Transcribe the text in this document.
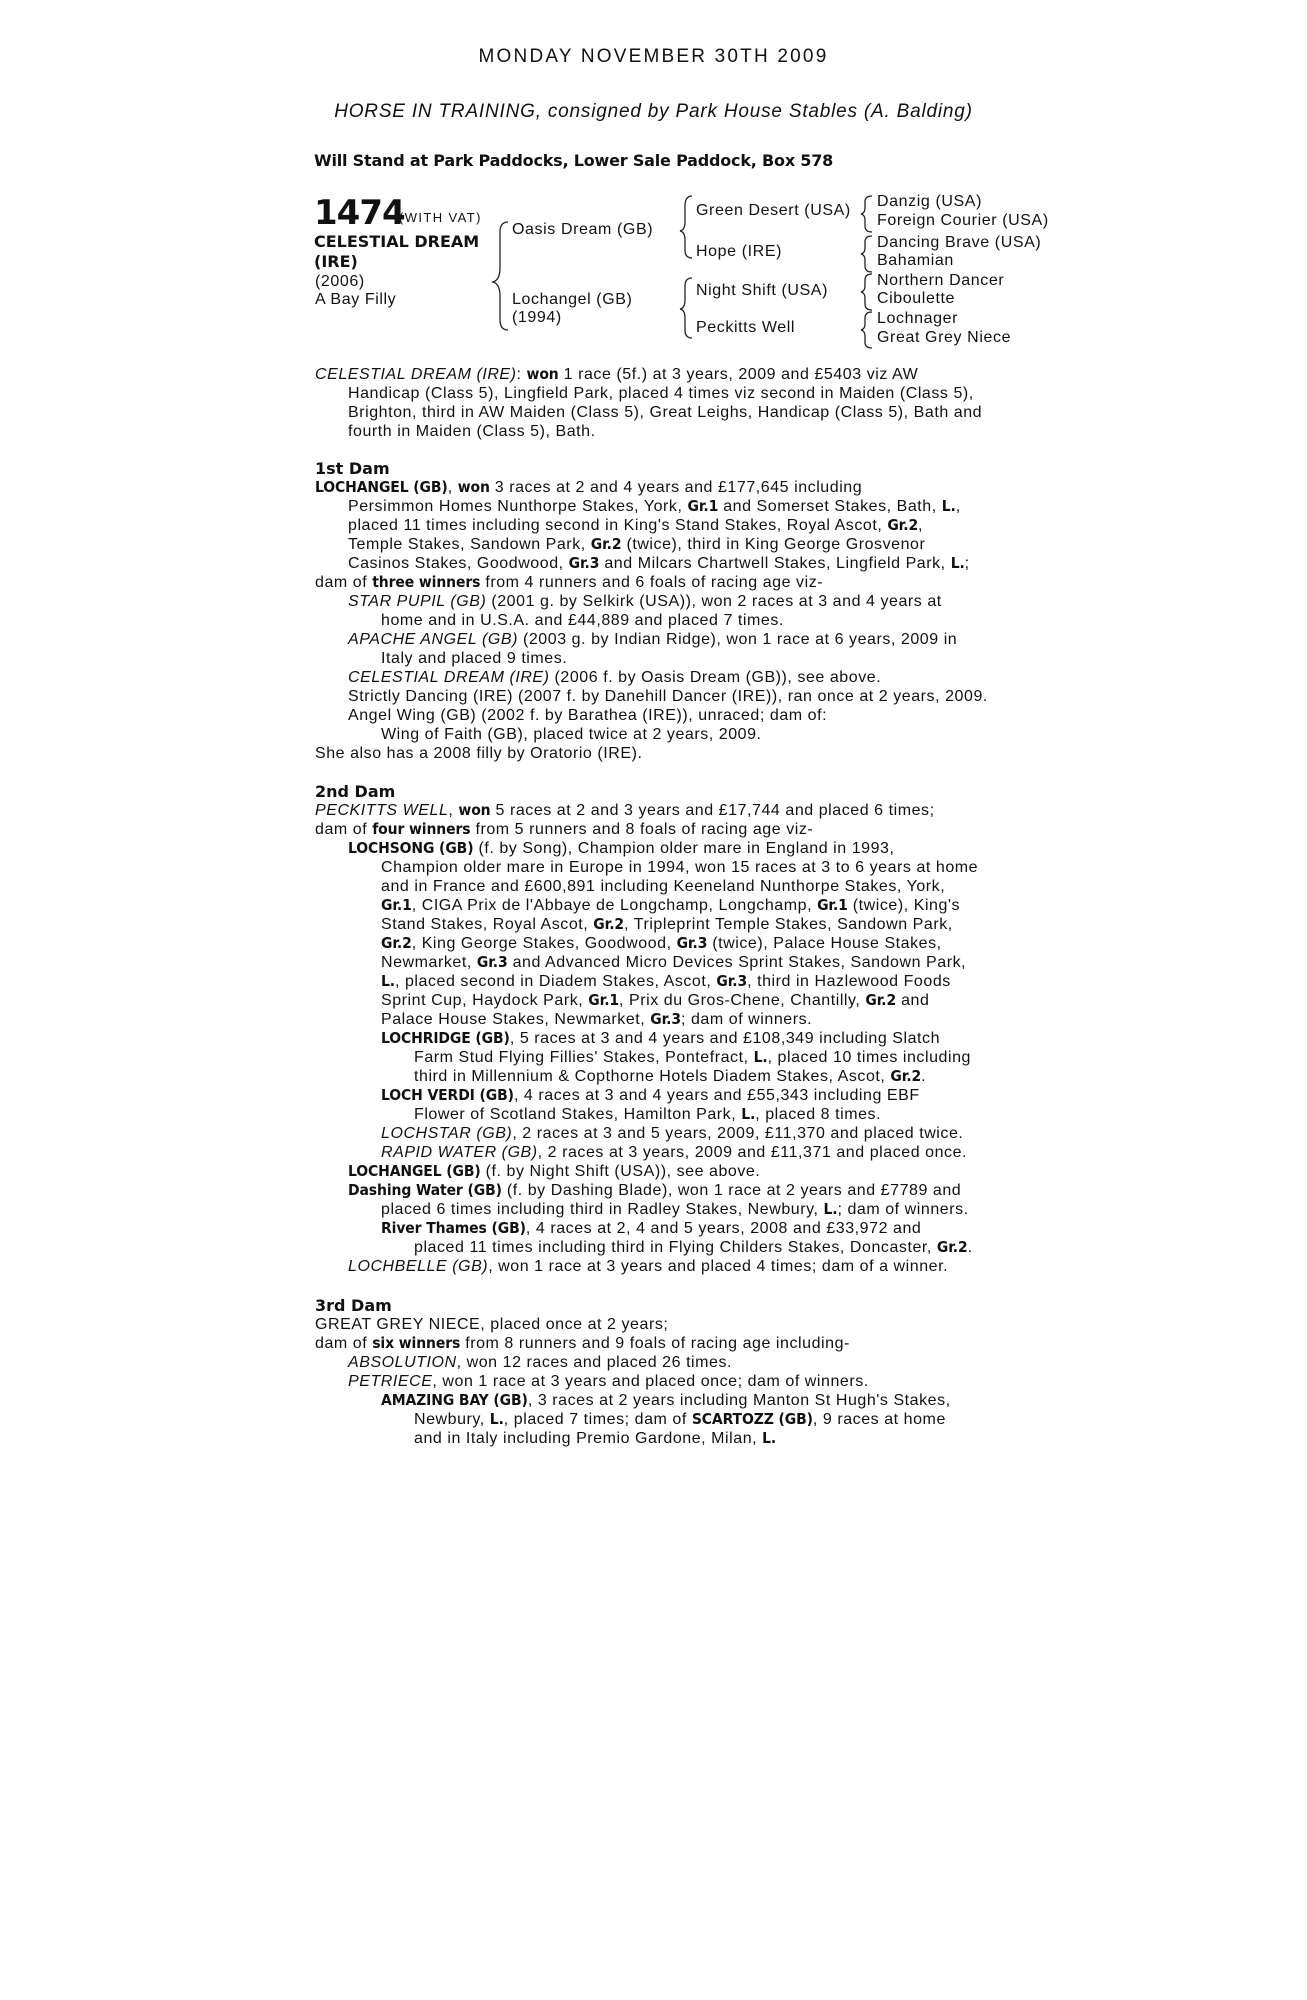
MONDAY NOVEMBER 30TH 2009
HORSE IN TRAINING, consigned by Park House Stables (A. Balding)
Will Stand at Park Paddocks, Lower Sale Paddock, Box 578
1474
(WITH VAT)
CELESTIAL DREAM
(IRE)
(2006)
A Bay Filly
Oasis Dream (GB)
Lochangel (GB)
(1994)
Green Desert (USA)
Hope (IRE)
Night Shift (USA)
Peckitts Well
Danzig (USA)
Foreign Courier (USA)
Dancing Brave (USA)
Bahamian
Northern Dancer
Ciboulette
Lochnager
Great Grey Niece
CELESTIAL DREAM (IRE): won 1 race (5f.) at 3 years, 2009 and £5403 viz AW
Handicap (Class 5), Lingfield Park, placed 4 times viz second in Maiden (Class 5),
Brighton, third in AW Maiden (Class 5), Great Leighs, Handicap (Class 5), Bath and
fourth in Maiden (Class 5), Bath.
1st Dam
LOCHANGEL (GB), won 3 races at 2 and 4 years and £177,645 including
Persimmon Homes Nunthorpe Stakes, York, Gr.1 and Somerset Stakes, Bath, L.,
placed 11 times including second in King's Stand Stakes, Royal Ascot, Gr.2,
Temple Stakes, Sandown Park, Gr.2 (twice), third in King George Grosvenor
Casinos Stakes, Goodwood, Gr.3 and Milcars Chartwell Stakes, Lingfield Park, L.;
dam of three winners from 4 runners and 6 foals of racing age viz-
STAR PUPIL (GB) (2001 g. by Selkirk (USA)), won 2 races at 3 and 4 years at
home and in U.S.A. and £44,889 and placed 7 times.
APACHE ANGEL (GB) (2003 g. by Indian Ridge), won 1 race at 6 years, 2009 in
Italy and placed 9 times.
CELESTIAL DREAM (IRE) (2006 f. by Oasis Dream (GB)), see above.
Strictly Dancing (IRE) (2007 f. by Danehill Dancer (IRE)), ran once at 2 years, 2009.
Angel Wing (GB) (2002 f. by Barathea (IRE)), unraced; dam of:
Wing of Faith (GB), placed twice at 2 years, 2009.
She also has a 2008 filly by Oratorio (IRE).
2nd Dam
PECKITTS WELL, won 5 races at 2 and 3 years and £17,744 and placed 6 times;
dam of four winners from 5 runners and 8 foals of racing age viz-
LOCHSONG (GB) (f. by Song), Champion older mare in England in 1993,
Champion older mare in Europe in 1994, won 15 races at 3 to 6 years at home
and in France and £600,891 including Keeneland Nunthorpe Stakes, York,
Gr.1, CIGA Prix de l'Abbaye de Longchamp, Longchamp, Gr.1 (twice), King's
Stand Stakes, Royal Ascot, Gr.2, Tripleprint Temple Stakes, Sandown Park,
Gr.2, King George Stakes, Goodwood, Gr.3 (twice), Palace House Stakes,
Newmarket, Gr.3 and Advanced Micro Devices Sprint Stakes, Sandown Park,
L., placed second in Diadem Stakes, Ascot, Gr.3, third in Hazlewood Foods
Sprint Cup, Haydock Park, Gr.1, Prix du Gros-Chene, Chantilly, Gr.2 and
Palace House Stakes, Newmarket, Gr.3; dam of winners.
LOCHRIDGE (GB), 5 races at 3 and 4 years and £108,349 including Slatch
Farm Stud Flying Fillies' Stakes, Pontefract, L., placed 10 times including
third in Millennium & Copthorne Hotels Diadem Stakes, Ascot, Gr.2.
LOCH VERDI (GB), 4 races at 3 and 4 years and £55,343 including EBF
Flower of Scotland Stakes, Hamilton Park, L., placed 8 times.
LOCHSTAR (GB), 2 races at 3 and 5 years, 2009, £11,370 and placed twice.
RAPID WATER (GB), 2 races at 3 years, 2009 and £11,371 and placed once.
LOCHANGEL (GB) (f. by Night Shift (USA)), see above.
Dashing Water (GB) (f. by Dashing Blade), won 1 race at 2 years and £7789 and
placed 6 times including third in Radley Stakes, Newbury, L.; dam of winners.
River Thames (GB), 4 races at 2, 4 and 5 years, 2008 and £33,972 and
placed 11 times including third in Flying Childers Stakes, Doncaster, Gr.2.
LOCHBELLE (GB), won 1 race at 3 years and placed 4 times; dam of a winner.
3rd Dam
GREAT GREY NIECE, placed once at 2 years;
dam of six winners from 8 runners and 9 foals of racing age including-
ABSOLUTION, won 12 races and placed 26 times.
PETRIECE, won 1 race at 3 years and placed once; dam of winners.
AMAZING BAY (GB), 3 races at 2 years including Manton St Hugh's Stakes,
Newbury, L., placed 7 times; dam of SCARTOZZ (GB), 9 races at home
and in Italy including Premio Gardone, Milan, L.
